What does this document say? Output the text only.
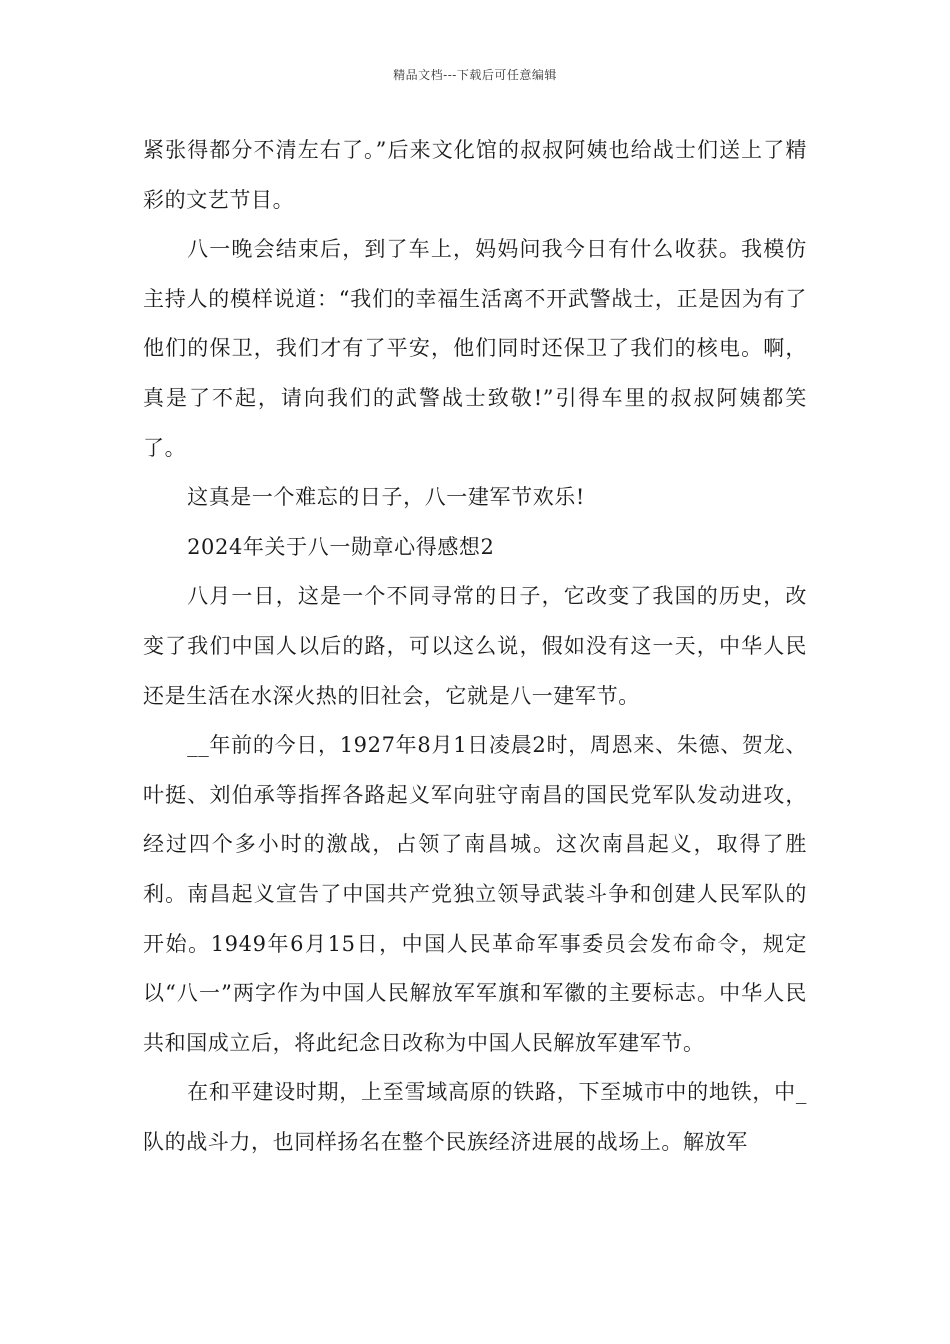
精品文档---下载后可任意编辑

紧张得都分不清左右了。”后来文化馆的叔叔阿姨也给战士们送上了精彩的文艺节目。

八一晚会结束后，到了车上，妈妈问我今日有什么收获。我模仿主持人的模样说道：“我们的幸福生活离不开武警战士，正是因为有了他们的保卫，我们才有了平安，他们同时还保卫了我们的核电。啊，真是了不起，请向我们的武警战士致敬!”引得车里的叔叔阿姨都笑了。

这真是一个难忘的日子，八一建军节欢乐!

2024年关于八一勋章心得感想2

八月一日，这是一个不同寻常的日子，它改变了我国的历史，改变了我们中国人以后的路，可以这么说，假如没有这一天，中华人民还是生活在水深火热的旧社会，它就是八一建军节。

__年前的今日，1927年8月1日凌晨2时，周恩来、朱德、贺龙、叶挺、刘伯承等指挥各路起义军向驻守南昌的国民党军队发动进攻，经过四个多小时的激战，占领了南昌城。这次南昌起义，取得了胜利。南昌起义宣告了中国共产党独立领导武装斗争和创建人民军队的开始。1949年6月15日，中国人民革命军事委员会发布命令，规定以“八一”两字作为中国人民解放军军旗和军徽的主要标志。中华人民共和国成立后，将此纪念日改称为中国人民解放军建军节。

在和平建设时期，上至雪域高原的铁路，下至城市中的地铁，中_队的战斗力，也同样扬名在整个民族经济进展的战场上。解放军
